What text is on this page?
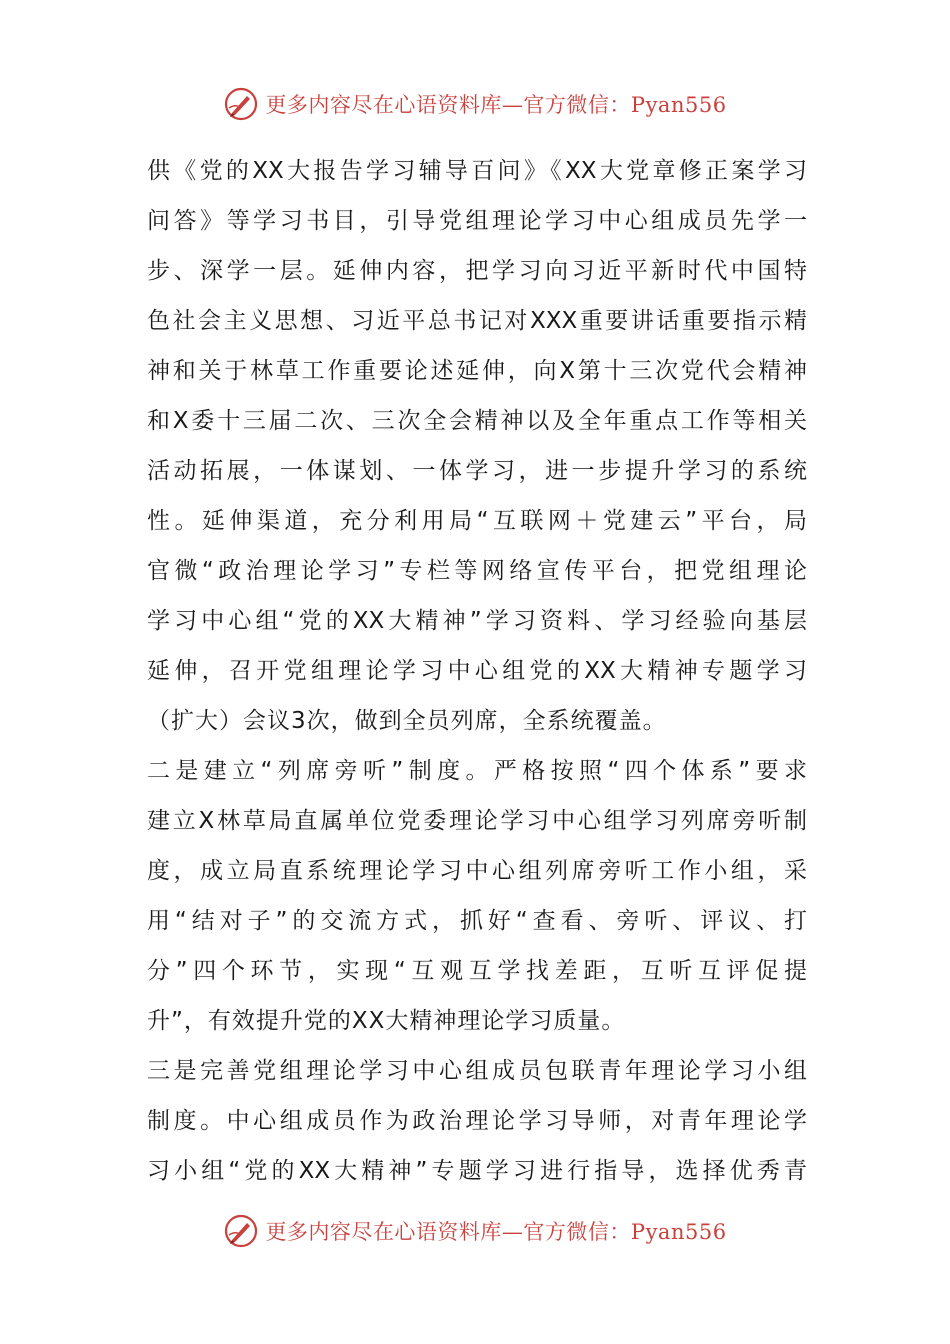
更多内容尽在心语资料库—官方微信：Pyan556
供《党的XX大报告学习辅导百问》《XX大党章修正案学习
问答》等学习书目，引导党组理论学习中心组成员先学一
步、深学一层。延伸内容，把学习向习近平新时代中国特
色社会主义思想、习近平总书记对XXX重要讲话重要指示精
神和关于林草工作重要论述延伸，向X第十三次党代会精神
和X委十三届二次、三次全会精神以及全年重点工作等相关
活动拓展，一体谋划、一体学习，进一步提升学习的系统
性。延伸渠道，充分利用局“互联网＋党建云”平台，局
官微“政治理论学习”专栏等网络宣传平台，把党组理论
学习中心组“党的XX大精神”学习资料、学习经验向基层
延伸，召开党组理论学习中心组党的XX大精神专题学习
（扩大）会议3次，做到全员列席，全系统覆盖。
二是建立“列席旁听”制度。严格按照“四个体系”要求
建立X林草局直属单位党委理论学习中心组学习列席旁听制
度，成立局直系统理论学习中心组列席旁听工作小组，采
用“结对子”的交流方式，抓好“查看、旁听、评议、打
分”四个环节，实现“互观互学找差距，互听互评促提
升”，有效提升党的XX大精神理论学习质量。
三是完善党组理论学习中心组成员包联青年理论学习小组
制度。中心组成员作为政治理论学习导师，对青年理论学
习小组“党的XX大精神”专题学习进行指导，选择优秀青
更多内容尽在心语资料库—官方微信：Pyan556
